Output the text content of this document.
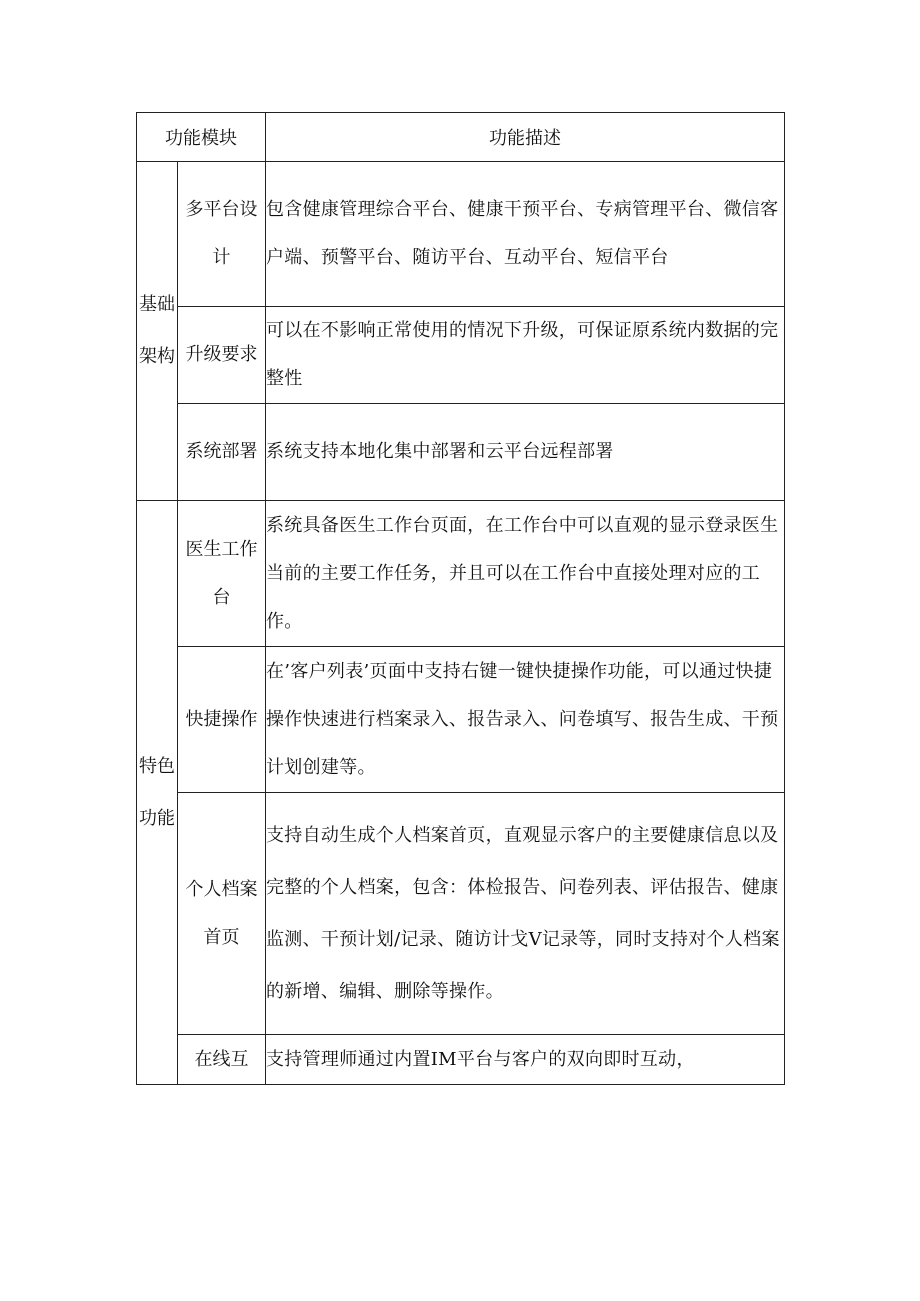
功能模块		功能描述

基础
架构	多平台设计	包含健康管理综合平台、健康干预平台、专病管理平台、微信客户端、预警平台、随访平台、互动平台、短信平台
	升级要求	可以在不影响正常使用的情况下升级，可保证原系统内数据的完整性
	系统部署	系统支持本地化集中部署和云平台远程部署

特色
功能	医生工作台	系统具备医生工作台页面，在工作台中可以直观的显示登录医生当前的主要工作任务，并且可以在工作台中直接处理对应的工作。
	快捷操作	在’客户列表’页面中支持右键一键快捷操作功能，可以通过快捷操作快速进行档案录入、报告录入、问卷填写、报告生成、干预计划创建等。
	个人档案首页	支持自动生成个人档案首页，直观显示客户的主要健康信息以及完整的个人档案，包含：体检报告、问卷列表、评估报告、健康监测、干预计划/记录、随访计戈V记录等，同时支持对个人档案的新增、编辑、删除等操作。
	在线互	支持管理师通过内置IM平台与客户的双向即时互动，
